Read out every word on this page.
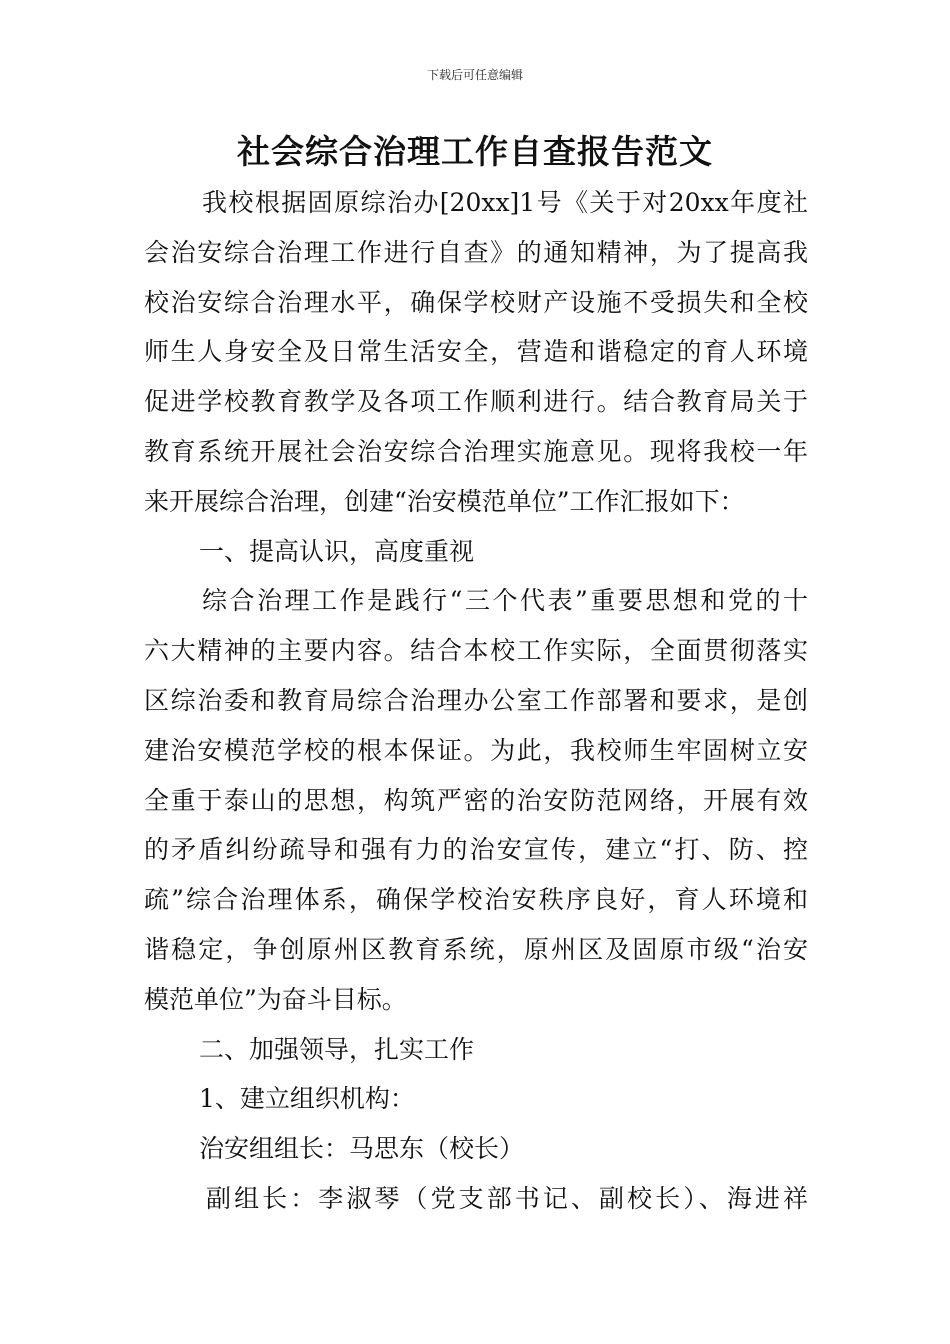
下载后可任意编辑
社会综合治理工作自查报告范文
我校根据固原综治办[20xx]1号《关于对20xx年度社
会治安综合治理工作进行自查》的通知精神，为了提高我
校治安综合治理水平，确保学校财产设施不受损失和全校
师生人身安全及日常生活安全，营造和谐稳定的育人环境
促进学校教育教学及各项工作顺利进行。结合教育局关于
教育系统开展社会治安综合治理实施意见。现将我校一年
来开展综合治理，创建“治安模范单位”工作汇报如下：
一、提高认识，高度重视
综合治理工作是践行“三个代表”重要思想和党的十
六大精神的主要内容。结合本校工作实际，全面贯彻落实
区综治委和教育局综合治理办公室工作部署和要求，是创
建治安模范学校的根本保证。为此，我校师生牢固树立安
全重于泰山的思想，构筑严密的治安防范网络，开展有效
的矛盾纠纷疏导和强有力的治安宣传，建立“打、防、控
疏”综合治理体系，确保学校治安秩序良好，育人环境和
谐稳定，争创原州区教育系统，原州区及固原市级“治安
模范单位”为奋斗目标。
二、加强领导，扎实工作
1、建立组织机构：
治安组组长：马思东（校长）
副组长：李淑琴（党支部书记、副校长）、海进祥
